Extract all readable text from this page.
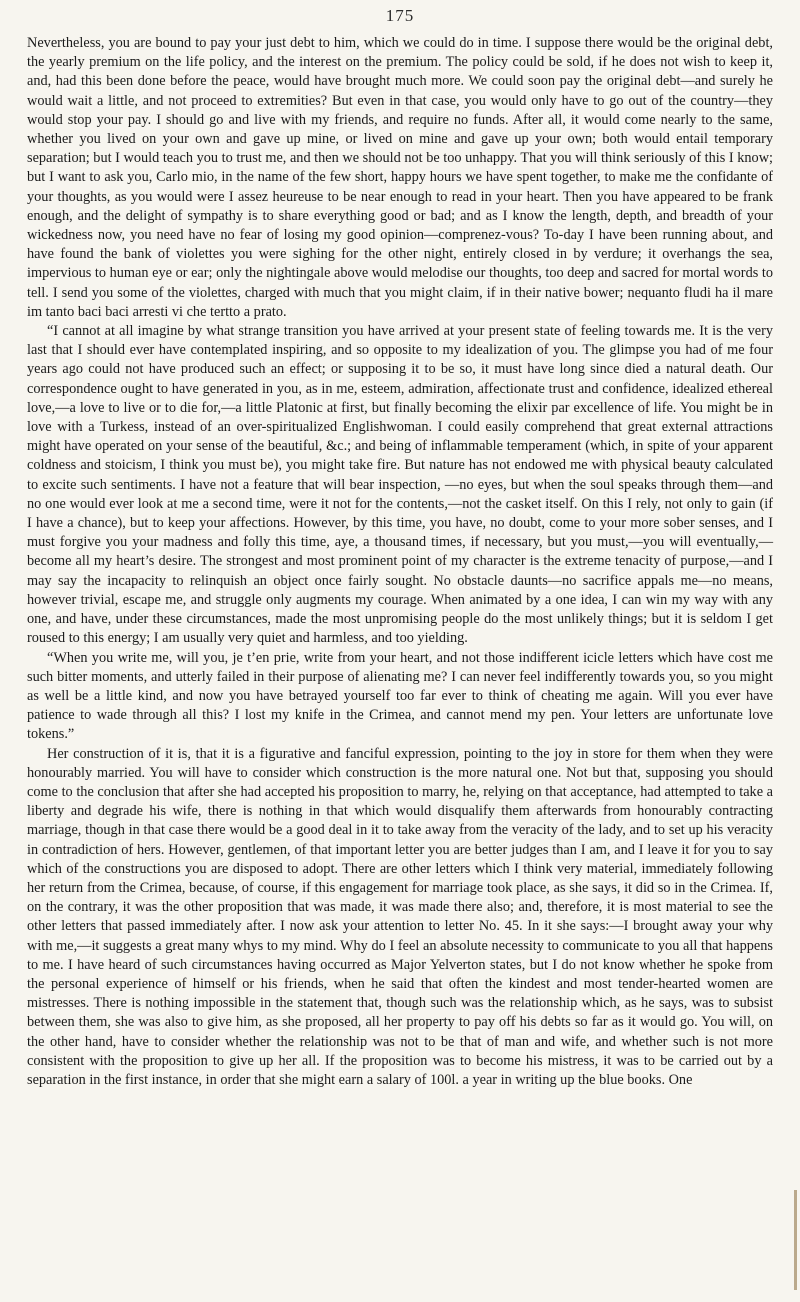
175

Nevertheless, you are bound to pay your just debt to him, which we could do in time. I suppose there would be the original debt, the yearly premium on the life policy, and the interest on the premium. The policy could be sold, if he does not wish to keep it, and, had this been done before the peace, would have brought much more. We could soon pay the original debt—and surely he would wait a little, and not proceed to extremities? But even in that case, you would only have to go out of the country—they would stop your pay. I should go and live with my friends, and require no funds. After all, it would come nearly to the same, whether you lived on your own and gave up mine, or lived on mine and gave up your own; both would entail temporary separation; but I would teach you to trust me, and then we should not be too unhappy. That you will think seriously of this I know; but I want to ask you, Carlo mio, in the name of the few short, happy hours we have spent together, to make me the confidante of your thoughts, as you would were I assez heureuse to be near enough to read in your heart. Then you have appeared to be frank enough, and the delight of sympathy is to share everything good or bad; and as I know the length, depth, and breadth of your wickedness now, you need have no fear of losing my good opinion—comprenez-vous? To-day I have been running about, and have found the bank of violettes you were sighing for the other night, entirely closed in by verdure; it overhangs the sea, impervious to human eye or ear; only the nightingale above would melodise our thoughts, too deep and sacred for mortal words to tell. I send you some of the violettes, charged with much that you might claim, if in their native bower; nequanto fludi ha il mare im tanto baci baci arresti vi che tertto a prato.

“I cannot at all imagine by what strange transition you have arrived at your present state of feeling towards me. It is the very last that I should ever have contemplated inspiring, and so opposite to my idealization of you. The glimpse you had of me four years ago could not have produced such an effect; or supposing it to be so, it must have long since died a natural death. Our correspondence ought to have generated in you, as in me, esteem, admiration, affectionate trust and confidence, idealized ethereal love,—a love to live or to die for,—a little Platonic at first, but finally becoming the elixir par excellence of life. You might be in love with a Turkess, instead of an over-spiritualized Englishwoman. I could easily comprehend that great external attractions might have operated on your sense of the beautiful, &c.; and being of inflammable temperament (which, in spite of your apparent coldness and stoicism, I think you must be), you might take fire. But nature has not endowed me with physical beauty calculated to excite such sentiments. I have not a feature that will bear inspection, —no eyes, but when the soul speaks through them—and no one would ever look at me a second time, were it not for the contents,—not the casket itself. On this I rely, not only to gain (if I have a chance), but to keep your affections. However, by this time, you have, no doubt, come to your more sober senses, and I must forgive you your madness and folly this time, aye, a thousand times, if necessary, but you must,—you will eventually,—become all my heart’s desire. The strongest and most prominent point of my character is the extreme tenacity of purpose,—and I may say the incapacity to relinquish an object once fairly sought. No obstacle daunts—no sacrifice appals me—no means, however trivial, escape me, and struggle only augments my courage. When animated by a one idea, I can win my way with any one, and have, under these circumstances, made the most unpromising people do the most unlikely things; but it is seldom I get roused to this energy; I am usually very quiet and harmless, and too yielding.

“When you write me, will you, je t’en prie, write from your heart, and not those indifferent icicle letters which have cost me such bitter moments, and utterly failed in their purpose of alienating me? I can never feel indifferently towards you, so you might as well be a little kind, and now you have betrayed yourself too far ever to think of cheating me again. Will you ever have patience to wade through all this? I lost my knife in the Crimea, and cannot mend my pen. Your letters are unfortunate love tokens.”

Her construction of it is, that it is a figurative and fanciful expression, pointing to the joy in store for them when they were honourably married. You will have to consider which construction is the more natural one. Not but that, supposing you should come to the conclusion that after she had accepted his proposition to marry, he, relying on that acceptance, had attempted to take a liberty and degrade his wife, there is nothing in that which would disqualify them afterwards from honourably contracting marriage, though in that case there would be a good deal in it to take away from the veracity of the lady, and to set up his veracity in contradiction of hers. However, gentlemen, of that important letter you are better judges than I am, and I leave it for you to say which of the constructions you are disposed to adopt. There are other letters which I think very material, immediately following her return from the Crimea, because, of course, if this engagement for marriage took place, as she says, it did so in the Crimea. If, on the contrary, it was the other proposition that was made, it was made there also; and, therefore, it is most material to see the other letters that passed immediately after. I now ask your attention to letter No. 45. In it she says:—I brought away your why with me,—it suggests a great many whys to my mind. Why do I feel an absolute necessity to communicate to you all that happens to me. I have heard of such circumstances having occurred as Major Yelverton states, but I do not know whether he spoke from the personal experience of himself or his friends, when he said that often the kindest and most tender-hearted women are mistresses. There is nothing impossible in the statement that, though such was the relationship which, as he says, was to subsist between them, she was also to give him, as she proposed, all her property to pay off his debts so far as it would go. You will, on the other hand, have to consider whether the relationship was not to be that of man and wife, and whether such is not more consistent with the proposition to give up her all. If the proposition was to become his mistress, it was to be carried out by a separation in the first instance, in order that she might earn a salary of 100l. a year in writing up the blue books. One
